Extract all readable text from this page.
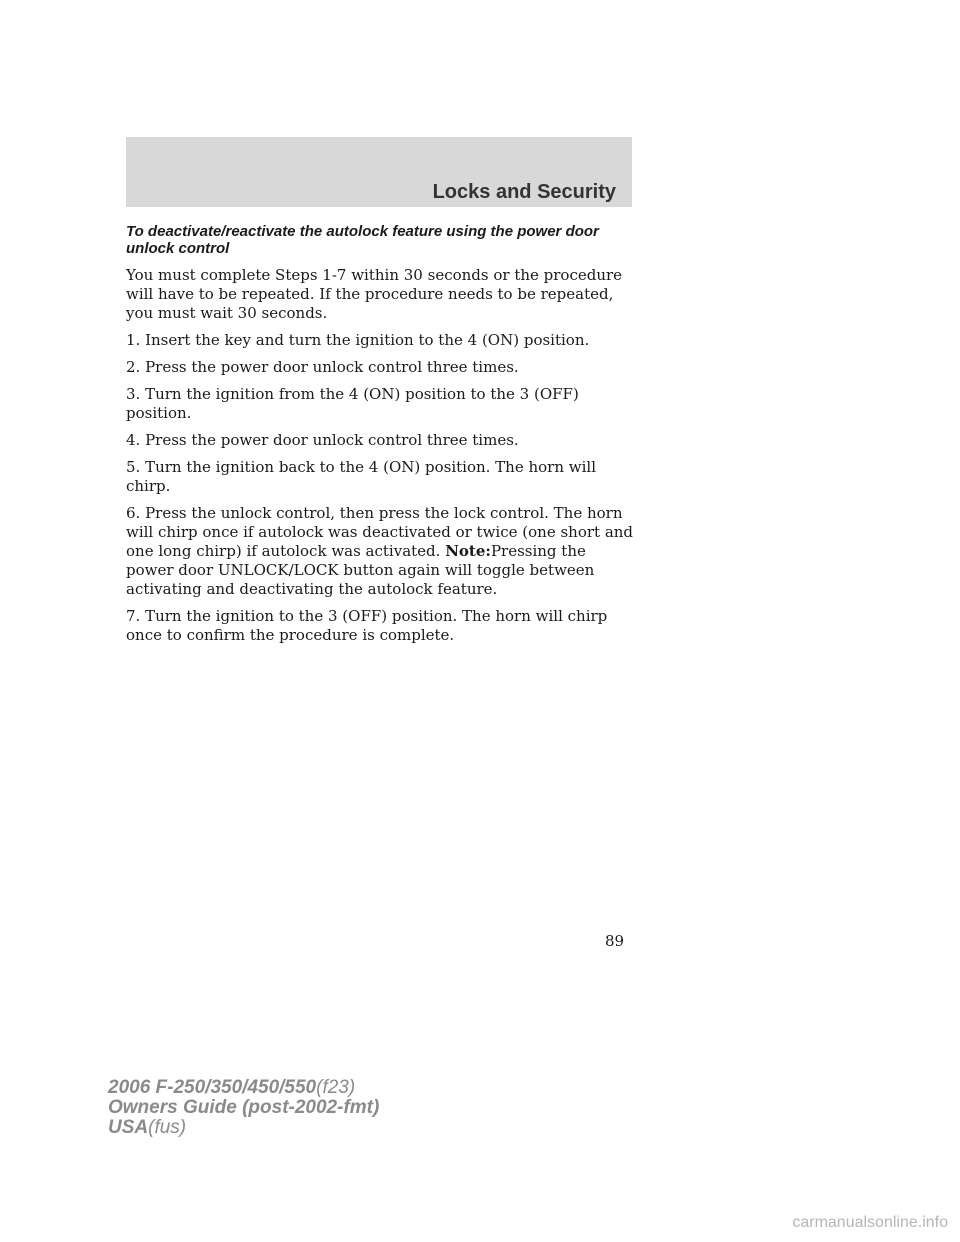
Locks and Security

To deactivate/reactivate the autolock feature using the power door unlock control

You must complete Steps 1-7 within 30 seconds or the procedure will have to be repeated. If the procedure needs to be repeated, you must wait 30 seconds.

1. Insert the key and turn the ignition to the 4 (ON) position.

2. Press the power door unlock control three times.

3. Turn the ignition from the 4 (ON) position to the 3 (OFF) position.

4. Press the power door unlock control three times.

5. Turn the ignition back to the 4 (ON) position. The horn will chirp.

6. Press the unlock control, then press the lock control. The horn will chirp once if autolock was deactivated or twice (one short and one long chirp) if autolock was activated. Note:Pressing the power door UNLOCK/LOCK button again will toggle between activating and deactivating the autolock feature.

7. Turn the ignition to the 3 (OFF) position. The horn will chirp once to confirm the procedure is complete.

89
2006 F-250/350/450/550(f23)
Owners Guide (post-2002-fmt)
USA(fus)
carmanualsonline.info
